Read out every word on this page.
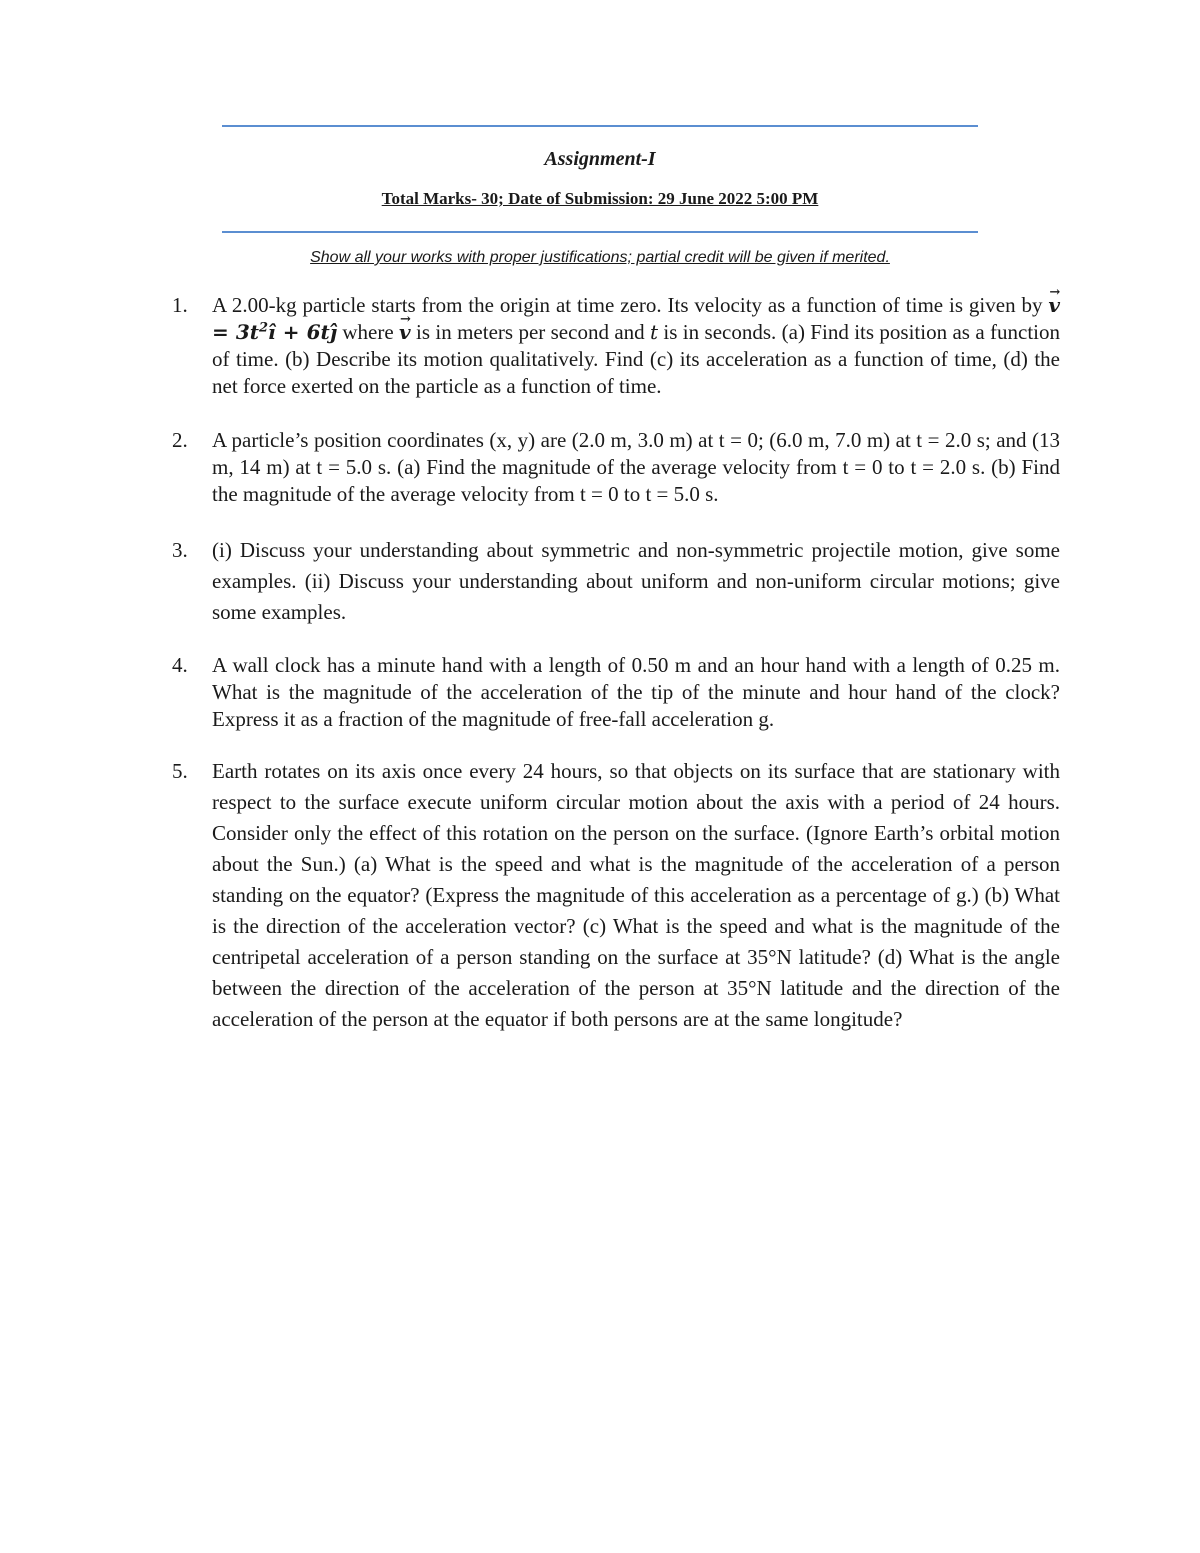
Assignment-I
Total Marks- 30; Date of Submission: 29 June 2022 5:00 PM
Show all your works with proper justifications; partial credit will be given if merited.
1. A 2.00-kg particle starts from the origin at time zero. Its velocity as a function of time is given by → $v = 3t^2î$ + 6tĵ where → v is in meters per second and t is in seconds. (a) Find its position as a function of time. (b) Describe its motion qualitatively. Find (c) its acceleration as a function of time, (d) the net force exerted on the particle as a function of time.
2. A particle’s position coordinates (x, y) are (2.0 m, 3.0 m) at t = 0; (6.0 m, 7.0 m) at t = 2.0 s; and (13 m, 14 m) at t = 5.0 s. (a) Find the magnitude of the average velocity from t = 0 to t = 2.0 s. (b) Find the magnitude of the average velocity from t = 0 to t = 5.0 s.
3. (i) Discuss your understanding about symmetric and non-symmetric projectile motion, give some examples. (ii) Discuss your understanding about uniform and non-uniform circular motions; give some examples.
4. A wall clock has a minute hand with a length of 0.50 m and an hour hand with a length of 0.25 m. What is the magnitude of the acceleration of the tip of the minute and hour hand of the clock? Express it as a fraction of the magnitude of free-fall acceleration g.
5. Earth rotates on its axis once every 24 hours, so that objects on its surface that are stationary with respect to the surface execute uniform circular motion about the axis with a period of 24 hours. Consider only the effect of this rotation on the person on the surface. (Ignore Earth’s orbital motion about the Sun.) (a) What is the speed and what is the magnitude of the acceleration of a person standing on the equator? (Express the magnitude of this acceleration as a percentage of g.) (b) What is the direction of the acceleration vector? (c) What is the speed and what is the magnitude of the centripetal acceleration of a person standing on the surface at 35°N latitude? (d) What is the angle between the direction of the acceleration of the person at 35°N latitude and the direction of the acceleration of the person at the equator if both persons are at the same longitude?
